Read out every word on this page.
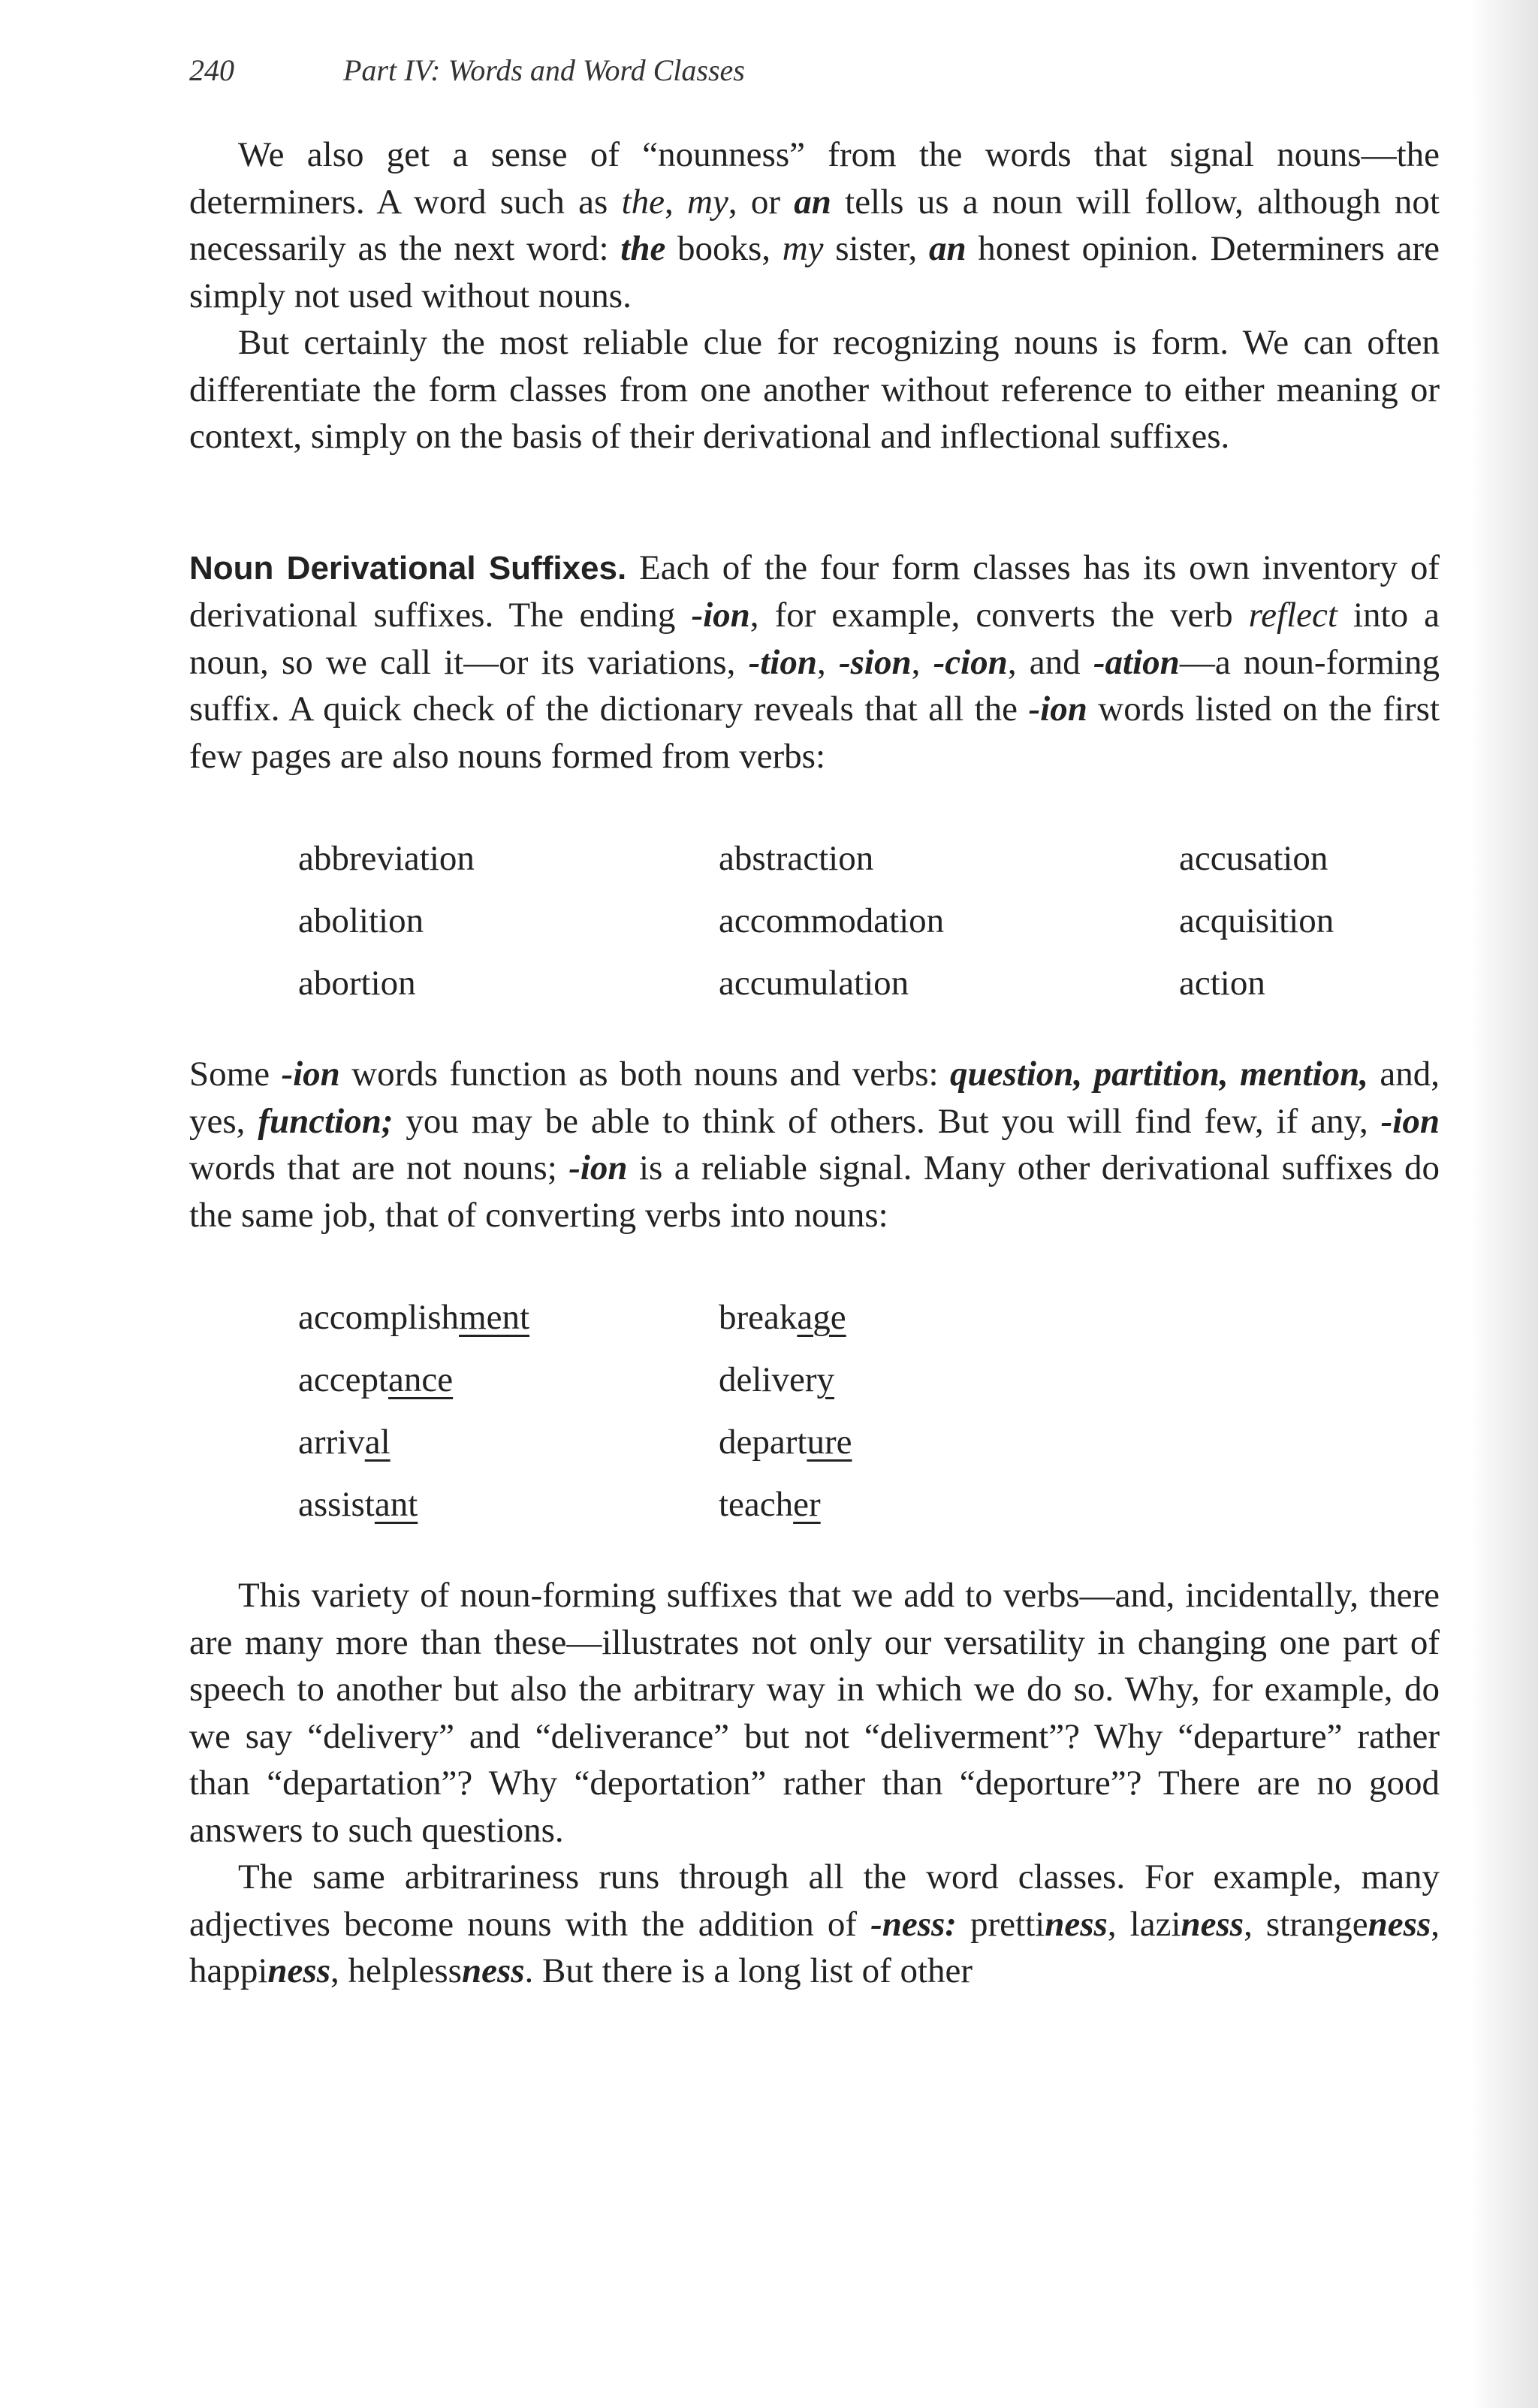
240	Part IV: Words and Word Classes

We also get a sense of “nounness” from the words that signal nouns—the determiners. A word such as the, my, or an tells us a noun will follow, although not necessarily as the next word: the books, my sister, an honest opinion. Determiners are simply not used without nouns.

But certainly the most reliable clue for recognizing nouns is form. We can often differentiate the form classes from one another without reference to either meaning or context, simply on the basis of their derivational and inflectional suffixes.

Noun Derivational Suffixes. Each of the four form classes has its own inventory of derivational suffixes. The ending -ion, for example, converts the verb reflect into a noun, so we call it—or its variations, -tion, -sion, -cion, and -ation—a noun-forming suffix. A quick check of the dictionary reveals that all the -ion words listed on the first few pages are also nouns formed from verbs:

abbreviation	abstraction	accusation
abolition	accommodation	acquisition
abortion	accumulation	action

Some -ion words function as both nouns and verbs: question, partition, mention, and, yes, function; you may be able to think of others. But you will find few, if any, -ion words that are not nouns; -ion is a reliable signal. Many other derivational suffixes do the same job, that of converting verbs into nouns:

accomplishment	breakage
acceptance	delivery
arrival	departure
assistant	teacher

This variety of noun-forming suffixes that we add to verbs—and, incidentally, there are many more than these—illustrates not only our versatility in changing one part of speech to another but also the arbitrary way in which we do so. Why, for example, do we say “delivery” and “deliverance” but not “deliverment”? Why “departure” rather than “departation”? Why “deportation” rather than “deporture”? There are no good answers to such questions.

The same arbitrariness runs through all the word classes. For example, many adjectives become nouns with the addition of -ness: prettiness, laziness, strangeness, happiness, helplessness. But there is a long list of other
